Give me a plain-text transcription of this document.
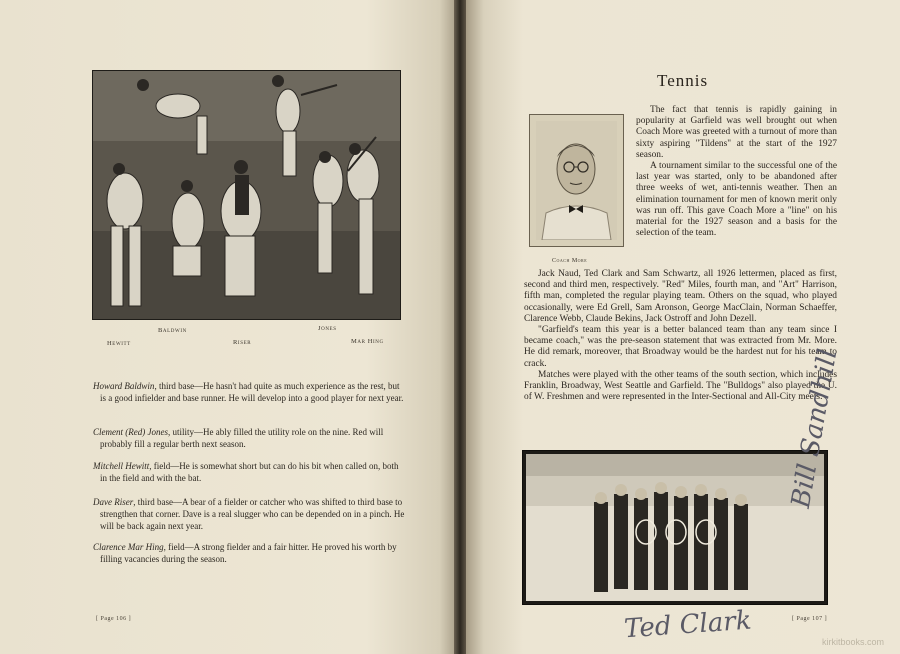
Baldwin	Jones
Hewitt	Riser	Mar Hing

Howard Baldwin, third base—He hasn't had quite as much experience as the rest, but is a good infielder and base runner. He will develop into a good player for next year.

Clement (Red) Jones, utility—He ably filled the utility role on the nine. Red will probably fill a regular berth next season.

Mitchell Hewitt, field—He is somewhat short but can do his bit when called on, both in the field and with the bat.

Dave Riser, third base—A bear of a fielder or catcher who was shifted to third base to strengthen that corner. Dave is a real slugger who can be depended on in a pinch. He will be back again next year.

Clarence Mar Hing, field—A strong fielder and a fair hitter. He proved his worth by filling vacancies during the season.

[ Page 106 ]
Tennis
Coach More

The fact that tennis is rapidly gaining in popularity at Garfield was well brought out when Coach More was greeted with a turnout of more than sixty aspiring "Tildens" at the start of the 1927 season.

A tournament similar to the successful one of the last year was started, only to be abandoned after three weeks of wet, anti-tennis weather. Then an elimination tournament for men of known merit only was run off. This gave Coach More a "line" on his material for the 1927 season and a basis for the selection of the team.

Jack Naud, Ted Clark and Sam Schwartz, all 1926 lettermen, placed as first, second and third men, respectively. "Red" Miles, fourth man, and "Art" Harrison, fifth man, completed the regular playing team. Others on the squad, who played occasionally, were Ed Grell, Sam Aronson, George MacClain, Norman Schaeffer, Clarence Webb, Claude Bekins, Jack Ostroff and John Dezell.

"Garfield's team this year is a better balanced team than any team since I became coach," was the pre-season statement that was extracted from Mr. More. He did remark, moreover, that Broadway would be the hardest nut for his team to crack.

Matches were played with the other teams of the south section, which includes Franklin, Broadway, West Seattle and Garfield. The "Bulldogs" also played the U. of W. Freshmen and were represented in the Inter-Sectional and All-City meets.

[ Page 107 ]
Bill Sandhill
Ted Clark	kirkitbooks.com
